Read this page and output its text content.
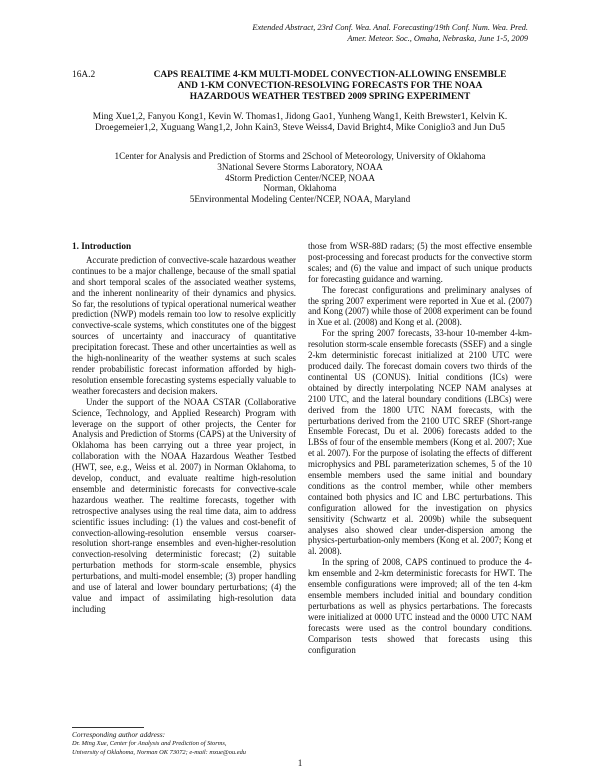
Extended Abstract, 23rd Conf. Wea. Anal. Forecasting/19th Conf. Num. Wea. Pred.
Amer. Meteor. Soc., Omaha, Nebraska, June 1-5, 2009
16A.2	CAPS REALTIME 4-KM MULTI-MODEL CONVECTION-ALLOWING ENSEMBLE
AND 1-KM CONVECTION-RESOLVING FORECASTS FOR THE NOAA
HAZARDOUS WEATHER TESTBED 2009 SPRING EXPERIMENT
Ming Xue1,2, Fanyou Kong1, Kevin W. Thomas1, Jidong Gao1, Yunheng Wang1, Keith Brewster1, Kelvin K.
Droegemeier1,2, Xuguang Wang1,2, John Kain3, Steve Weiss4, David Bright4, Mike Coniglio3 and Jun Du5
1Center for Analysis and Prediction of Storms and 2School of Meteorology, University of Oklahoma
3National Severe Storms Laboratory, NOAA
4Storm Prediction Center/NCEP, NOAA
Norman, Oklahoma
5Environmental Modeling Center/NCEP, NOAA, Maryland
1. Introduction

Accurate prediction of convective-scale hazardous weather continues to be a major challenge, because of the small spatial and short temporal scales of the associated weather systems, and the inherent nonlinearity of their dynamics and physics. So far, the resolutions of typical operational numerical weather prediction (NWP) models remain too low to resolve explicitly convective-scale systems, which constitutes one of the biggest sources of uncertainty and inaccuracy of quantitative precipitation forecast. These and other uncertainties as well as the high-nonlinearity of the weather systems at such scales render probabilistic forecast information afforded by high-resolution ensemble forecasting systems especially valuable to weather forecasters and decision makers.

Under the support of the NOAA CSTAR (Collaborative Science, Technology, and Applied Research) Program with leverage on the support of other projects, the Center for Analysis and Prediction of Storms (CAPS) at the University of Oklahoma has been carrying out a three year project, in collaboration with the NOAA Hazardous Weather Testbed (HWT, see, e.g., Weiss et al. 2007) in Norman Oklahoma, to develop, conduct, and evaluate realtime high-resolution ensemble and deterministic forecasts for convective-scale hazardous weather. The realtime forecasts, together with retrospective analyses using the real time data, aim to address scientific issues including: (1) the values and cost-benefit of convection-allowing-resolution ensemble versus coarser-resolution short-range ensembles and even-higher-resolution convection-resolving deterministic forecast; (2) suitable perturbation methods for storm-scale ensemble, physics perturbations, and multi-model ensemble; (3) proper handling and use of lateral and lower boundary perturbations; (4) the value and impact of assimilating high-resolution data including

those from WSR-88D radars; (5) the most effective ensemble post-processing and forecast products for the convective storm scales; and (6) the value and impact of such unique products for forecasting guidance and warning.

The forecast configurations and preliminary analyses of the spring 2007 experiment were reported in Xue et al. (2007) and Kong (2007) while those of 2008 experiment can be found in Xue et al. (2008) and Kong et al. (2008).

For the spring 2007 forecasts, 33-hour 10-member 4-km-resolution storm-scale ensemble forecasts (SSEF) and a single 2-km deterministic forecast initialized at 2100 UTC were produced daily. The forecast domain covers two thirds of the continental US (CONUS). Initial conditions (ICs) were obtained by directly interpolating NCEP NAM analyses at 2100 UTC, and the lateral boundary conditions (LBCs) were derived from the 1800 UTC NAM forecasts, with the perturbations derived from the 2100 UTC SREF (Short-range Ensemble Forecast, Du et al. 2006) forecasts added to the LBSs of four of the ensemble members (Kong et al. 2007; Xue et al. 2007). For the purpose of isolating the effects of different microphysics and PBL parameterization schemes, 5 of the 10 ensemble members used the same initial and boundary conditions as the control member, while other members contained both physics and IC and LBC perturbations. This configuration allowed for the investigation on physics sensitivity (Schwartz et al. 2009b) while the subsequent analyses also showed clear under-dispersion among the physics-perturbation-only members (Kong et al. 2007; Kong et al. 2008).

In the spring of 2008, CAPS continued to produce the 4-km ensemble and 2-km deterministic forecasts for HWT. The ensemble configurations were improved; all of the ten 4-km ensemble members included initial and boundary condition perturbations as well as physics pertarbations. The forecasts were initialized at 0000 UTC instead and the 0000 UTC NAM forecasts were used as the control boundary conditions. Comparison tests showed that forecasts using this configuration

Corresponding author address:
Dr. Ming Xue, Center for Analysis and Prediction of Storms,
University of Oklahoma, Norman OK 73072; e-mail: mxue@ou.edu
1
